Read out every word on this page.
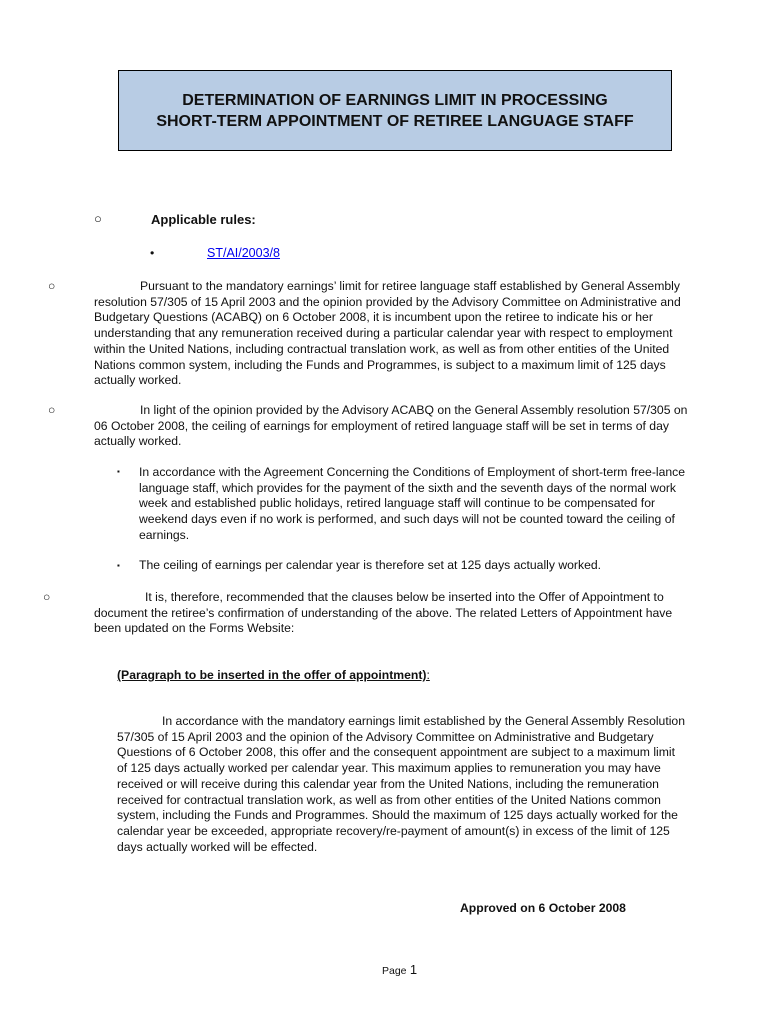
DETERMINATION OF EARNINGS LIMIT IN PROCESSING
SHORT-TERM APPOINTMENT OF RETIREE LANGUAGE STAFF
○	Applicable rules:
•	ST/AI/2003/8
○	Pursuant to the mandatory earnings’ limit for retiree language staff established by General Assembly resolution 57/305 of 15 April 2003 and the opinion provided by the Advisory Committee on Administrative and Budgetary Questions (ACABQ) on 6 October 2008, it is incumbent upon the retiree to indicate his or her understanding that any remuneration received during a particular calendar year with respect to employment within the United Nations, including contractual translation work, as well as from other entities of the United Nations common system, including the Funds and Programmes, is subject to a maximum limit of 125 days actually worked.
○	In light of the opinion provided by the Advisory ACABQ on the General Assembly resolution 57/305 on 06 October 2008, the ceiling of earnings for employment of retired language staff will be set in terms of day actually worked.
▪ In accordance with the Agreement Concerning the Conditions of Employment of short-term free-lance language staff, which provides for the payment of the sixth and the seventh days of the normal work week and established public holidays, retired language staff will continue to be compensated for weekend days even if no work is performed, and such days will not be counted toward the ceiling of earnings.
▪ The ceiling of earnings per calendar year is therefore set at 125 days actually worked.
○	It is, therefore, recommended that the clauses below be inserted into the Offer of Appointment to document the retiree’s confirmation of understanding of the above. The related Letters of Appointment have been updated on the Forms Website:
(Paragraph to be inserted in the offer of appointment):
In accordance with the mandatory earnings limit established by the General Assembly Resolution 57/305 of 15 April 2003 and the opinion of the Advisory Committee on Administrative and Budgetary Questions of 6 October 2008, this offer and the consequent appointment are subject to a maximum limit of 125 days actually worked per calendar year. This maximum applies to remuneration you may have received or will receive during this calendar year from the United Nations, including the remuneration received for contractual translation work, as well as from other entities of the United Nations common system, including the Funds and Programmes. Should the maximum of 125 days actually worked for the calendar year be exceeded, appropriate recovery/re-payment of amount(s) in excess of the limit of 125 days actually worked will be effected.
Approved on 6 October 2008
Page 1
